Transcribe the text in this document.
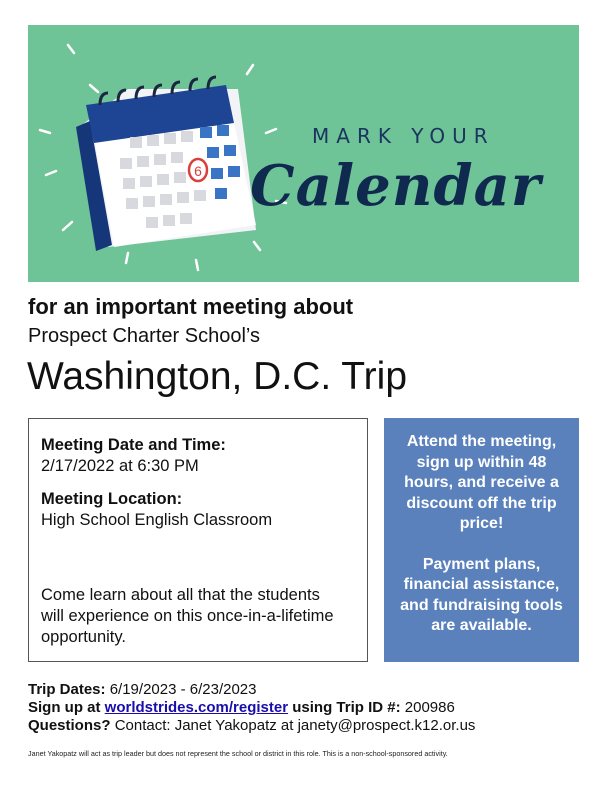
6
MARK YOUR
Calendar
for an important meeting about
Prospect Charter School’s
Washington, D.C. Trip
Meeting Date and Time:
2/17/2022 at 6:30 PM
Meeting Location:
High School English Classroom
Come learn about all that the students will experience on this once-in-a-lifetime opportunity.

Attend the meeting, sign up within 48 hours, and receive a discount off the trip price!

Payment plans, financial assistance, and fundraising tools are available.

Trip Dates: 6/19/2023 - 6/23/2023
Sign up at worldstrides.com/register using Trip ID #: 200986
Questions? Contact: Janet Yakopatz at janety@prospect.k12.or.us
Janet Yakopatz will act as trip leader but does not represent the school or district in this role. This is a non-school-sponsored activity.
